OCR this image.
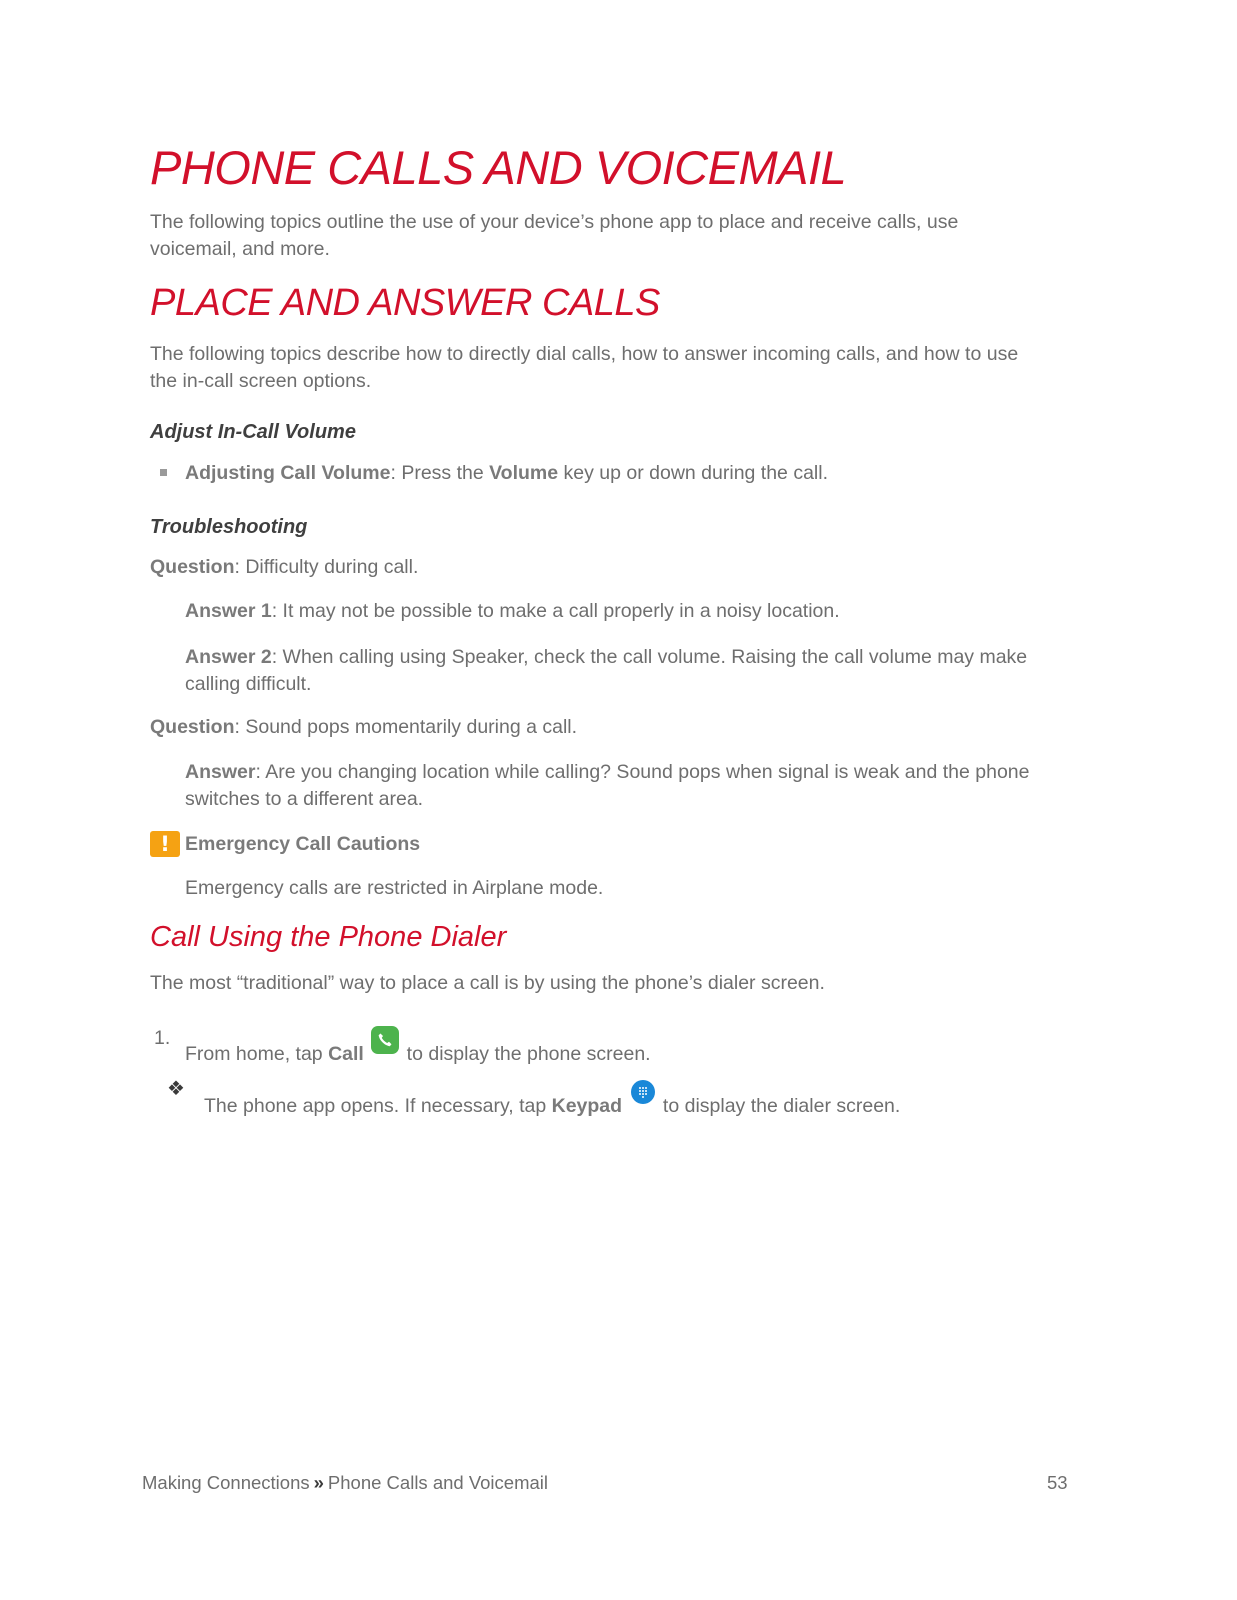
PHONE CALLS AND VOICEMAIL
The following topics outline the use of your device’s phone app to place and receive calls, use voicemail, and more.
PLACE AND ANSWER CALLS
The following topics describe how to directly dial calls, how to answer incoming calls, and how to use the in-call screen options.
Adjust In-Call Volume
Adjusting Call Volume: Press the Volume key up or down during the call.
Troubleshooting
Question: Difficulty during call.
Answer 1: It may not be possible to make a call properly in a noisy location.
Answer 2: When calling using Speaker, check the call volume. Raising the call volume may make calling difficult.
Question: Sound pops momentarily during a call.
Answer: Are you changing location while calling? Sound pops when signal is weak and the phone switches to a different area.
! Emergency Call Cautions
Emergency calls are restricted in Airplane mode.
Call Using the Phone Dialer
The most “traditional” way to place a call is by using the phone’s dialer screen.
1.
From home, tap Call
to display the phone screen.
❖
The phone app opens. If necessary, tap Keypad
to display the dialer screen.
Making Connections » Phone Calls and Voicemail	53
